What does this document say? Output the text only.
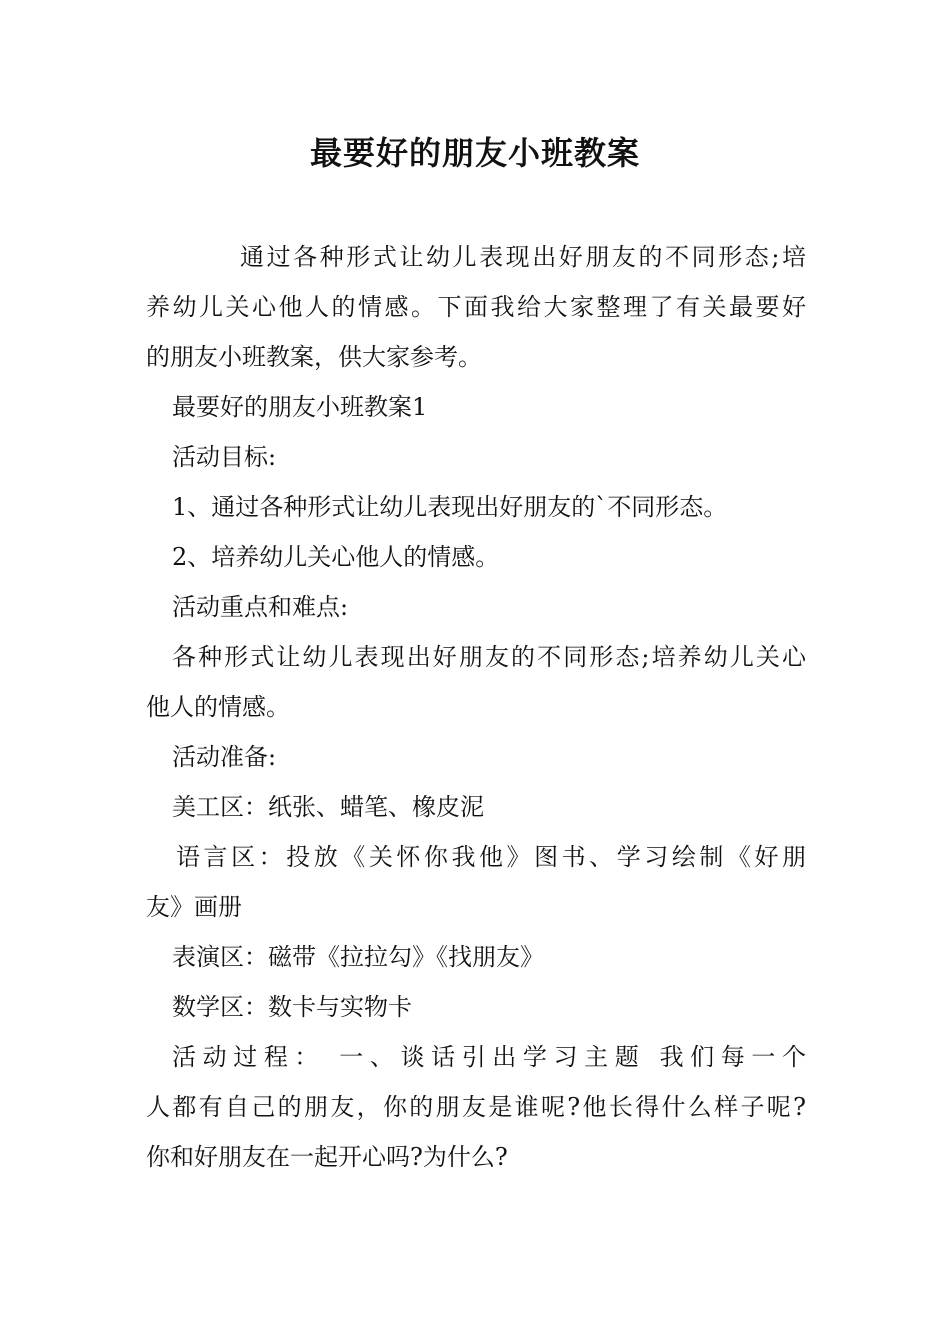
最要好的朋友小班教案
通过各种形式让幼儿表现出好朋友的不同形态;培
养幼儿关心他人的情感。下面我给大家整理了有关最要好
的朋友小班教案，供大家参考。
最要好的朋友小班教案1
活动目标:
1、通过各种形式让幼儿表现出好朋友的`不同形态。
2、培养幼儿关心他人的情感。
活动重点和难点:
各种形式让幼儿表现出好朋友的不同形态;培养幼儿关心
他人的情感。
活动准备:
美工区：纸张、蜡笔、橡皮泥
语言区：投放《关怀你我他》图书、学习绘制《好朋
友》画册
表演区：磁带《拉拉勾》《找朋友》
数学区：数卡与实物卡
活动过程： 一、谈话引出学习主题 我们每一个
人都有自己的朋友，你的朋友是谁呢?他长得什么样子呢?
你和好朋友在一起开心吗?为什么?
